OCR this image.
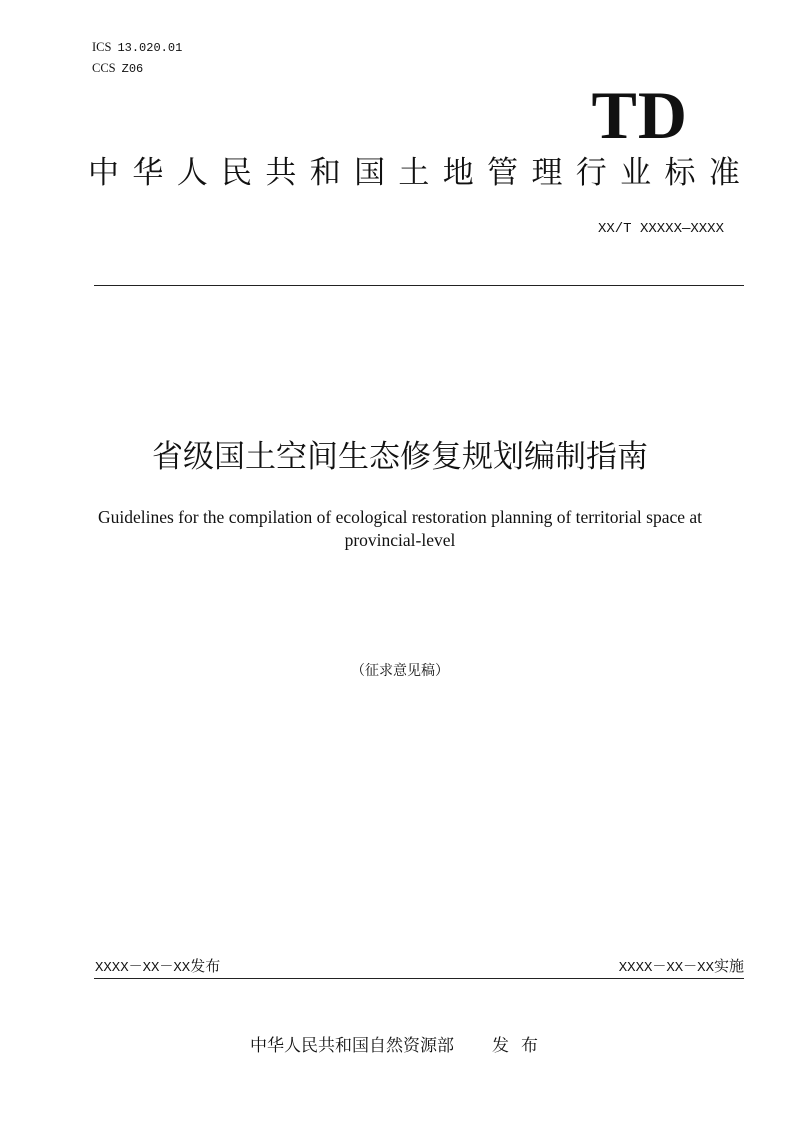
ICS 13.020.01
CCS Z06
TD
中 华 人 民 共 和 国 土 地 管 理 行 业 标 准
XX/T XXXXX—XXXX
省级国土空间生态修复规划编制指南
Guidelines for the compilation of ecological restoration planning of territorial space at provincial-level
（征求意见稿）
XXXX－XX－XX发布	XXXX－XX－XX实施
中华人民共和国自然资源部 发布
